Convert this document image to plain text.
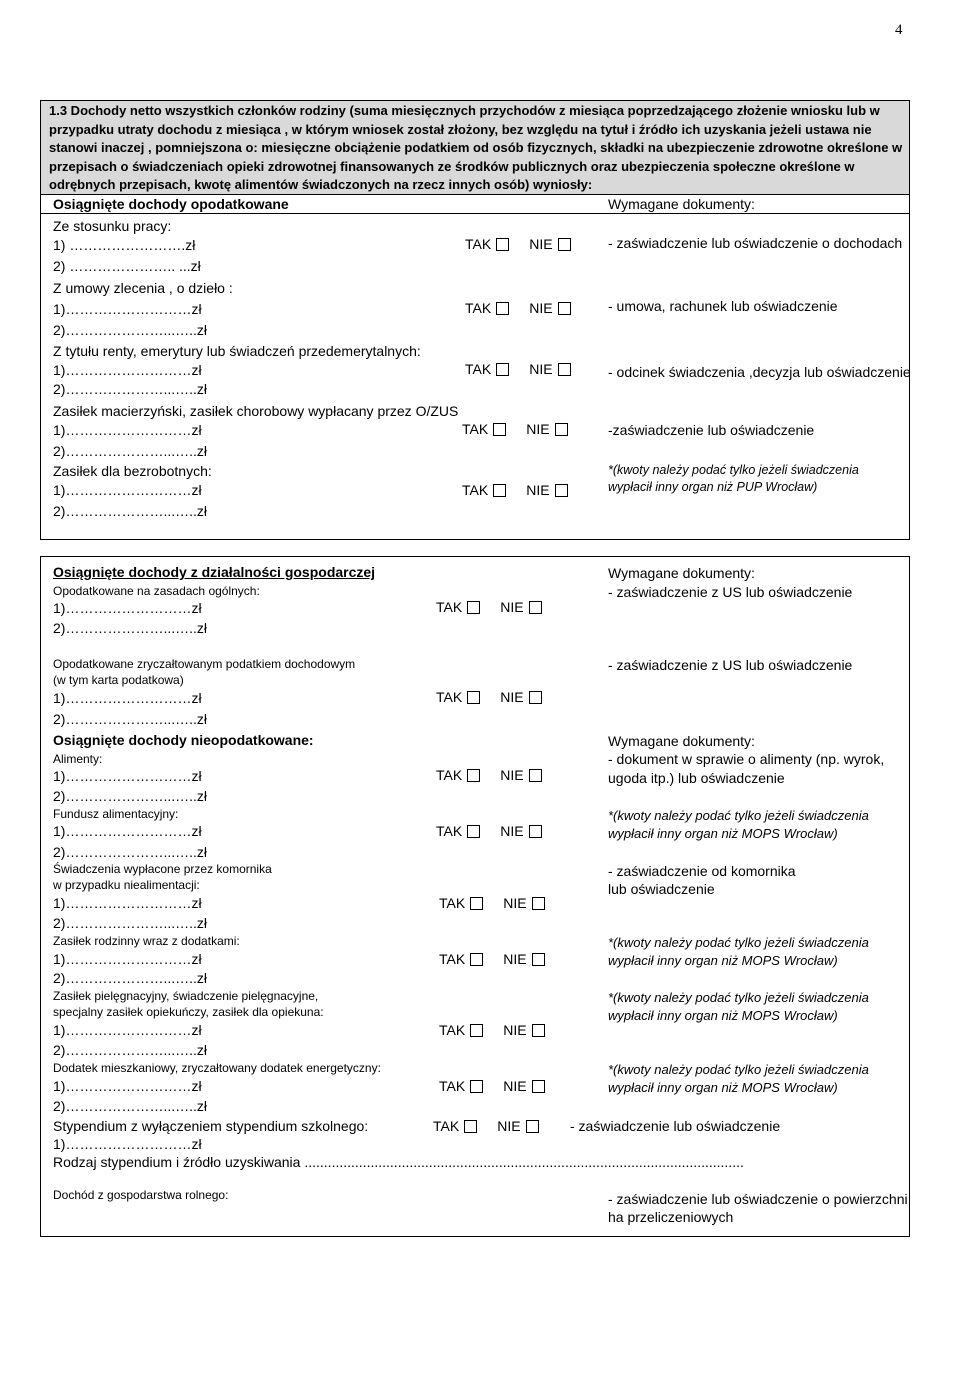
4
1.3 Dochody netto wszystkich członków rodziny (suma miesięcznych przychodów z miesiąca poprzedzającego złożenie wniosku lub w przypadku utraty dochodu z miesiąca , w którym wniosek został złożony, bez względu na tytuł i źródło ich uzyskania jeżeli ustawa nie stanowi inaczej , pomniejszona o: miesięczne obciążenie podatkiem od osób fizycznych, składki na ubezpieczenie zdrowotne określone w przepisach o świadczeniach opieki zdrowotnej finansowanych ze środków publicznych oraz ubezpieczenia społeczne określone w odrębnych przepisach, kwotę alimentów świadczonych na rzecz innych osób) wyniosły:
Osiągnięte dochody opodatkowane	Wymagane dokumenty:
Ze stosunku pracy:
1) …………………….zł	TAK	NIE	- zaświadczenie lub oświadczenie o dochodach
2) ………………….. ...zł
Z umowy zlecenia , o dzieło :
1)………………………zł	TAK	NIE	- umowa, rachunek lub oświadczenie
2)…………………...…..zł
Z tytułu renty, emerytury lub świadczeń przedemerytalnych:
1)………………………zł	TAK	NIE	- odcinek świadczenia ,decyzja lub oświadczenie
2)…………………...…..zł
Zasiłek macierzyński, zasiłek chorobowy wypłacany przez O/ZUS
1)………………………zł	TAK	NIE	-zaświadczenie lub oświadczenie
2)…………………...…..zł
Zasiłek dla bezrobotnych:
1)………………………zł	TAK	NIE
*(kwoty należy podać tylko jeżeli świadczenia wypłacił inny organ niż PUP Wrocław)
2)…………………...…..zł
Osiągnięte dochody z działalności gospodarczej	Wymagane dokumenty:
Opodatkowane na zasadach ogólnych:	- zaświadczenie z US lub oświadczenie
1)………………………zł	TAK	NIE
2)…………………...…..zł
Opodatkowane zryczałtowanym podatkiem dochodowym
(w tym karta podatkowa)
- zaświadczenie z US lub oświadczenie
1)………………………zł	TAK	NIE
2)…………………...…..zł
Osiągnięte dochody nieopodatkowane:	Wymagane dokumenty:
Alimenty:	- dokument w sprawie o alimenty (np. wyrok,
ugoda itp.) lub oświadczenie
1)………………………zł	TAK	NIE
2)…………………...…..zł
Fundusz alimentacyjny:	*(kwoty należy podać tylko jeżeli świadczenia
wypłacił inny organ niż MOPS Wrocław)
1)………………………zł	TAK	NIE
2)…………………...…..zł
Świadczenia wypłacone przez komornika
w przypadku niealimentacji:
- zaświadczenie od komornika
lub oświadczenie
1)………………………zł	TAK	NIE
2)…………………...…..zł
Zasiłek rodzinny wraz z dodatkami:	*(kwoty należy podać tylko jeżeli świadczenia
wypłacił inny organ niż MOPS Wrocław)
1)………………………zł	TAK	NIE
2)…………………...…..zł
Zasiłek pielęgnacyjny, świadczenie pielęgnacyjne,
specjalny zasiłek opiekuńczy, zasiłek dla opiekuna:
*(kwoty należy podać tylko jeżeli świadczenia
wypłacił inny organ niż MOPS Wrocław)
1)………………………zł	TAK	NIE
2)…………………...…..zł
Dodatek mieszkaniowy, zryczałtowany dodatek energetyczny:	*(kwoty należy podać tylko jeżeli świadczenia
wypłacił inny organ niż MOPS Wrocław)
1)………………………zł	TAK	NIE
2)…………………...…..zł
Stypendium z wyłączeniem stypendium szkolnego:	TAK	NIE	- zaświadczenie lub oświadczenie
1)………………………zł
Rodzaj stypendium i źródło uzyskiwania .................................................................................................................
Dochód z gospodarstwa rolnego:	- zaświadczenie lub oświadczenie o powierzchni
ha przeliczeniowych
